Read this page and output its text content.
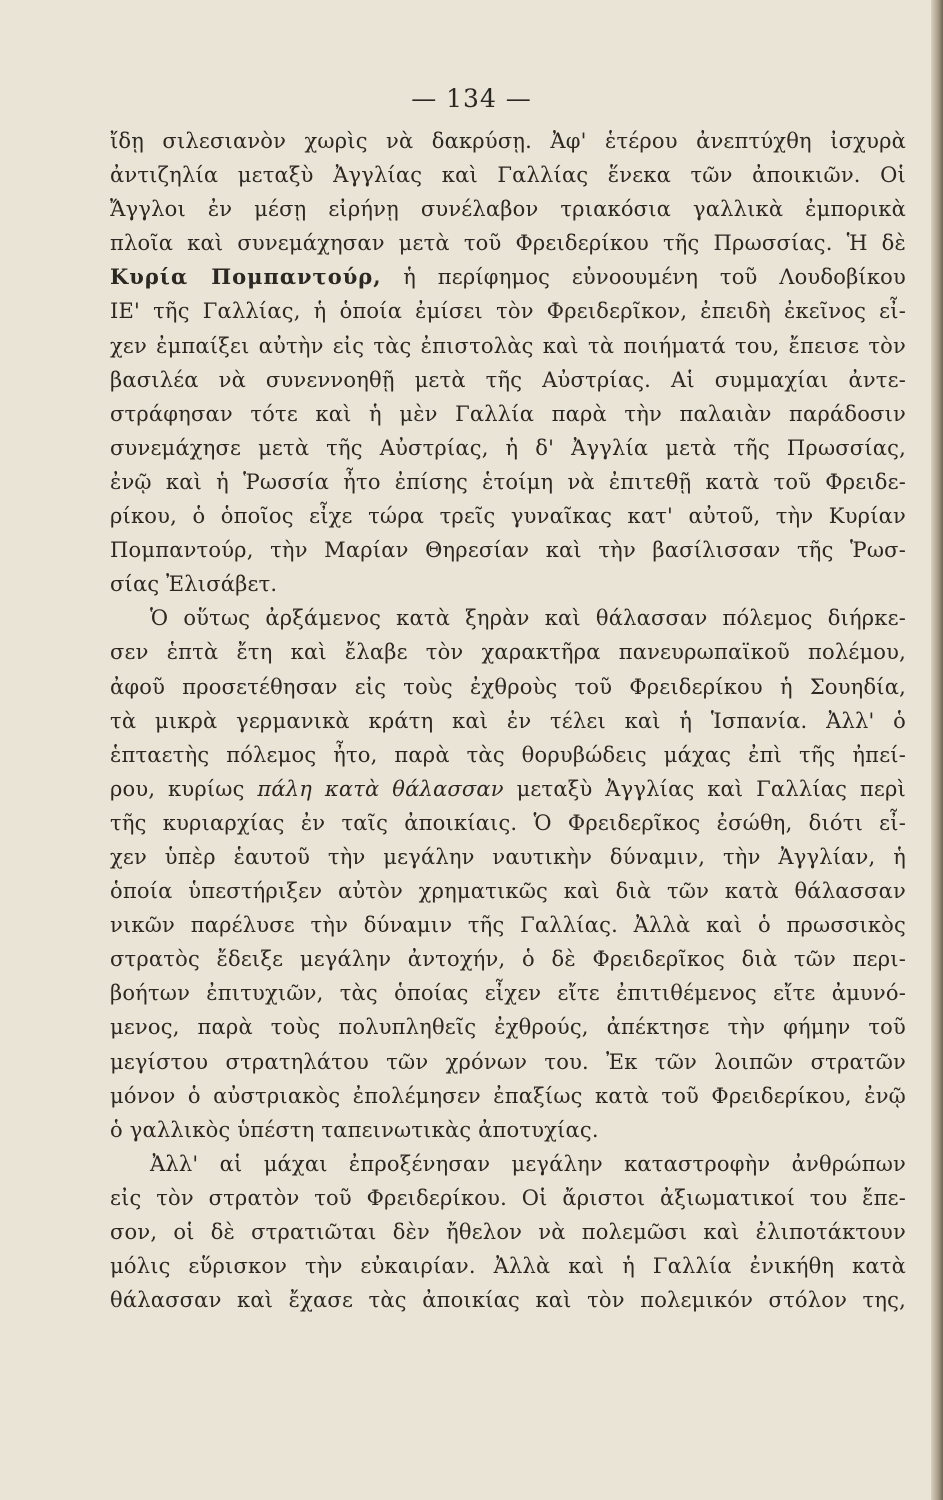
— 134 —
ἴδῃ σιλεσιανὸν χωρὶς νὰ δακρύσῃ. Ἀφ' ἑτέρου ἀνεπτύχθη ἰσχυρὰ
ἀντιζηλία μεταξὺ Ἀγγλίας καὶ Γαλλίας ἕνεκα τῶν ἀποικιῶν. Οἱ
Ἄγγλοι ἐν μέσῃ εἰρήνῃ συνέλαβον τριακόσια γαλλικὰ ἐμπορικὰ
πλοῖα καὶ συνεμάχησαν μετὰ τοῦ Φρειδερίκου τῆς Πρωσσίας. Ἡ δὲ
Κυρία Πομπαντούρ, ἡ περίφημος εὐνοουμένη τοῦ Λουδοβίκου
ΙΕ' τῆς Γαλλίας, ἡ ὁποία ἐμίσει τὸν Φρειδερῖκον, ἐπειδὴ ἐκεῖνος εἶ-
χεν ἐμπαίξει αὐτὴν εἰς τὰς ἐπιστολὰς καὶ τὰ ποιήματά του, ἔπεισε τὸν
βασιλέα νὰ συνεννοηθῇ μετὰ τῆς Αὐστρίας. Αἱ συμμαχίαι ἀντε-
στράφησαν τότε καὶ ἡ μὲν Γαλλία παρὰ τὴν παλαιὰν παράδοσιν
συνεμάχησε μετὰ τῆς Αὐστρίας, ἡ δ' Ἀγγλία μετὰ τῆς Πρωσσίας,
ἐνῷ καὶ ἡ Ῥωσσία ἦτο ἐπίσης ἑτοίμη νὰ ἐπιτεθῇ κατὰ τοῦ Φρειδε-
ρίκου, ὁ ὁποῖος εἶχε τώρα τρεῖς γυναῖκας κατ' αὐτοῦ, τὴν Κυρίαν
Πομπαντούρ, τὴν Μαρίαν Θηρεσίαν καὶ τὴν βασίλισσαν τῆς Ῥωσ-
σίας Ἐλισάβετ.
Ὁ οὕτως ἀρξάμενος κατὰ ξηρὰν καὶ θάλασσαν πόλεμος διήρκε-
σεν ἑπτὰ ἔτη καὶ ἔλαβε τὸν χαρακτῆρα πανευρωπαϊκοῦ πολέμου,
ἀφοῦ προσετέθησαν εἰς τοὺς ἐχθροὺς τοῦ Φρειδερίκου ἡ Σουηδία,
τὰ μικρὰ γερμανικὰ κράτη καὶ ἐν τέλει καὶ ἡ Ἱσπανία. Ἀλλ' ὁ
ἑπταετὴς πόλεμος ἦτο, παρὰ τὰς θορυβώδεις μάχας ἐπὶ τῆς ἠπεί-
ρου, κυρίως πάλη κατὰ θάλασσαν μεταξὺ Ἀγγλίας καὶ Γαλλίας περὶ
τῆς κυριαρχίας ἐν ταῖς ἀποικίαις. Ὁ Φρειδερῖκος ἐσώθη, διότι εἶ-
χεν ὑπὲρ ἑαυτοῦ τὴν μεγάλην ναυτικὴν δύναμιν, τὴν Ἀγγλίαν, ἡ
ὁποία ὑπεστήριξεν αὐτὸν χρηματικῶς καὶ διὰ τῶν κατὰ θάλασσαν
νικῶν παρέλυσε τὴν δύναμιν τῆς Γαλλίας. Ἀλλὰ καὶ ὁ πρωσσικὸς
στρατὸς ἔδειξε μεγάλην ἀντοχήν, ὁ δὲ Φρειδερῖκος διὰ τῶν περι-
βοήτων ἐπιτυχιῶν, τὰς ὁποίας εἶχεν εἴτε ἐπιτιθέμενος εἴτε ἀμυνό-
μενος, παρὰ τοὺς πολυπληθεῖς ἐχθρούς, ἀπέκτησε τὴν φήμην τοῦ
μεγίστου στρατηλάτου τῶν χρόνων του. Ἐκ τῶν λοιπῶν στρατῶν
μόνον ὁ αὐστριακὸς ἐπολέμησεν ἐπαξίως κατὰ τοῦ Φρειδερίκου, ἐνῷ
ὁ γαλλικὸς ὑπέστη ταπεινωτικὰς ἀποτυχίας.
Ἀλλ' αἱ μάχαι ἐπροξένησαν μεγάλην καταστροφὴν ἀνθρώπων
εἰς τὸν στρατὸν τοῦ Φρειδερίκου. Οἱ ἄριστοι ἀξιωματικοί του ἔπε-
σον, οἱ δὲ στρατιῶται δὲν ἤθελον νὰ πολεμῶσι καὶ ἐλιποτάκτουν
μόλις εὕρισκον τὴν εὐκαιρίαν. Ἀλλὰ καὶ ἡ Γαλλία ἐνικήθη κατὰ
θάλασσαν καὶ ἔχασε τὰς ἀποικίας καὶ τὸν πολεμικόν στόλον της,
